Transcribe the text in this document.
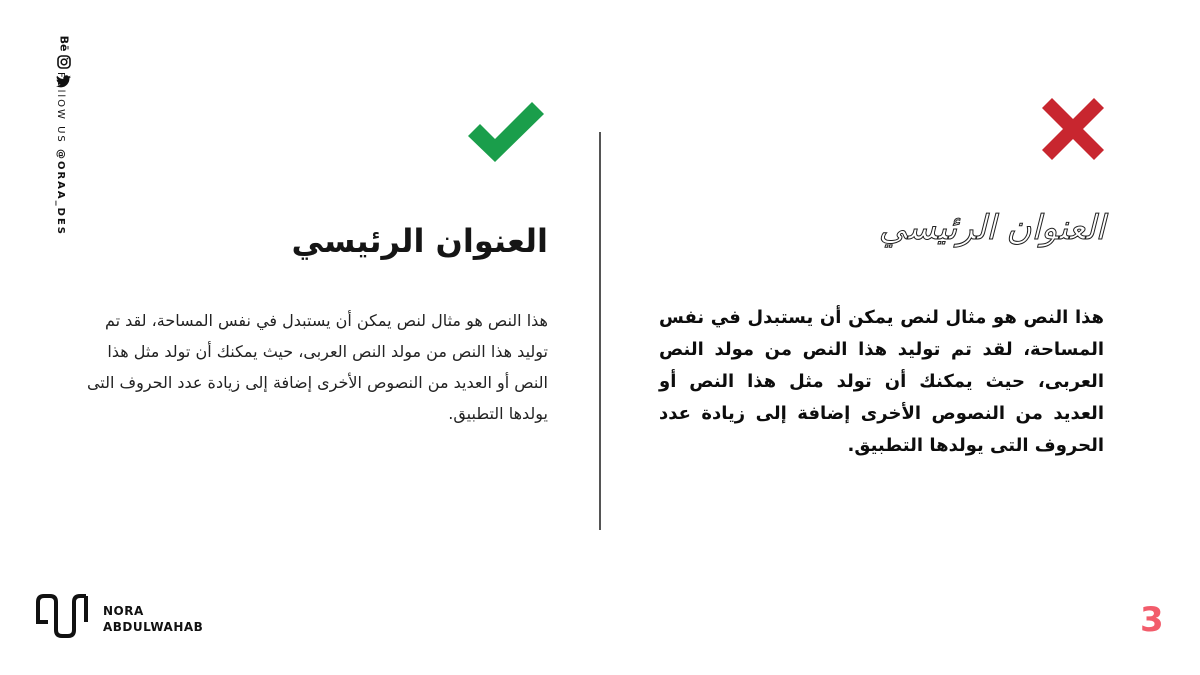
Bē
FOllOW US @ORAA_DES
العنوان الرئيسي
هذا النص هو مثال لنص يمكن أن يستبدل في نفس المساحة، لقد تم توليد هذا النص من مولد النص العربى، حيث يمكنك أن تولد مثل هذا النص أو العديد من النصوص الأخرى إضافة إلى زيادة عدد الحروف التى يولدها التطبيق.
العنوان الرئيسي
هذا النص هو مثال لنص يمكن أن يستبدل في نفس المساحة، لقد تم توليد هذا النص من مولد النص العربى، حيث يمكنك أن تولد مثل هذا النص أو العديد من النصوص الأخرى إضافة إلى زيادة عدد الحروف التى يولدها التطبيق.
NORA
ABDULWAHAB	3
